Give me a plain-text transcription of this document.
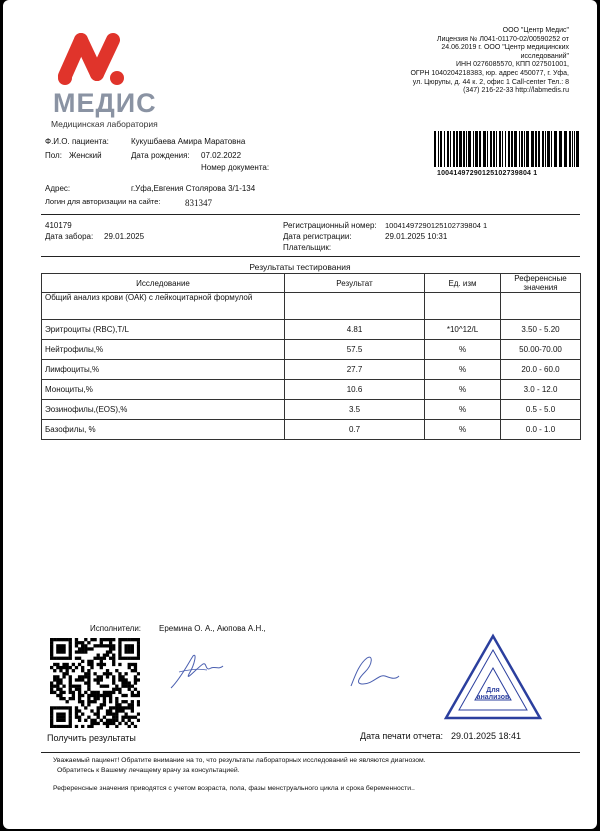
МЕДИС
Медицинская лаборатория
ООО "Центр Медис"
Лицензия № Л041-01170-02/00590252 от
24.06.2019 г. ООО "Центр медицинских
исследований"
ИНН 0276085570, КПП 027501001,
ОГРН 1040204218383, юр. адрес 450077, г. Уфа,
ул. Цюрупы, д. 44 к. 2, офис 1 Call-center Тел.: 8
(347) 216-22-33 http://labmedis.ru
Ф.И.О. пациента:	Кукушбаева Амира Маратовна
Пол: Женский	Дата рождения: 07.02.2022
Номер документа:
Адрес:	г.Уфа,Евгения Столярова 3/1-134
Логин для авторизации на сайте:	831347
10041497290125102739804 1
410179
Дата забора: 29.01.2025
Регистрационный номер: 10041497290125102739804 1
Дата регистрации:	29.01.2025 10:31
Плательщик:
Результаты тестирования
Исследование	Результат	Ед. изм	Референсные значения
Общий анализ крови (ОАК) с лейкоцитарной формулой			
Эритроциты (RBC),T/L	4.81	*10^12/L	3.50 - 5.20
Нейтрофилы,%	57.5	%	50.00-70.00
Лимфоциты,%	27.7	%	20.0 - 60.0
Моноциты,%	10.6	%	3.0 - 12.0
Эозинофилы,(EOS),%	3.5	%	0.5 - 5.0
Базофилы, %	0.7	%	0.0 - 1.0
Исполнители: Еремина О. А., Аюпова А.Н.,
Получить результаты
Для
анализов
Дата печати отчета: 29.01.2025 18:41
Уважаемый пациент! Обратите внимание на то, что результаты лабораторных исследований не являются диагнозом.
Обратитесь к Вашему лечащему врачу за консультацией.
Референсные значения приводятся с учетом возраста, пола, фазы менструального цикла и срока беременности..
